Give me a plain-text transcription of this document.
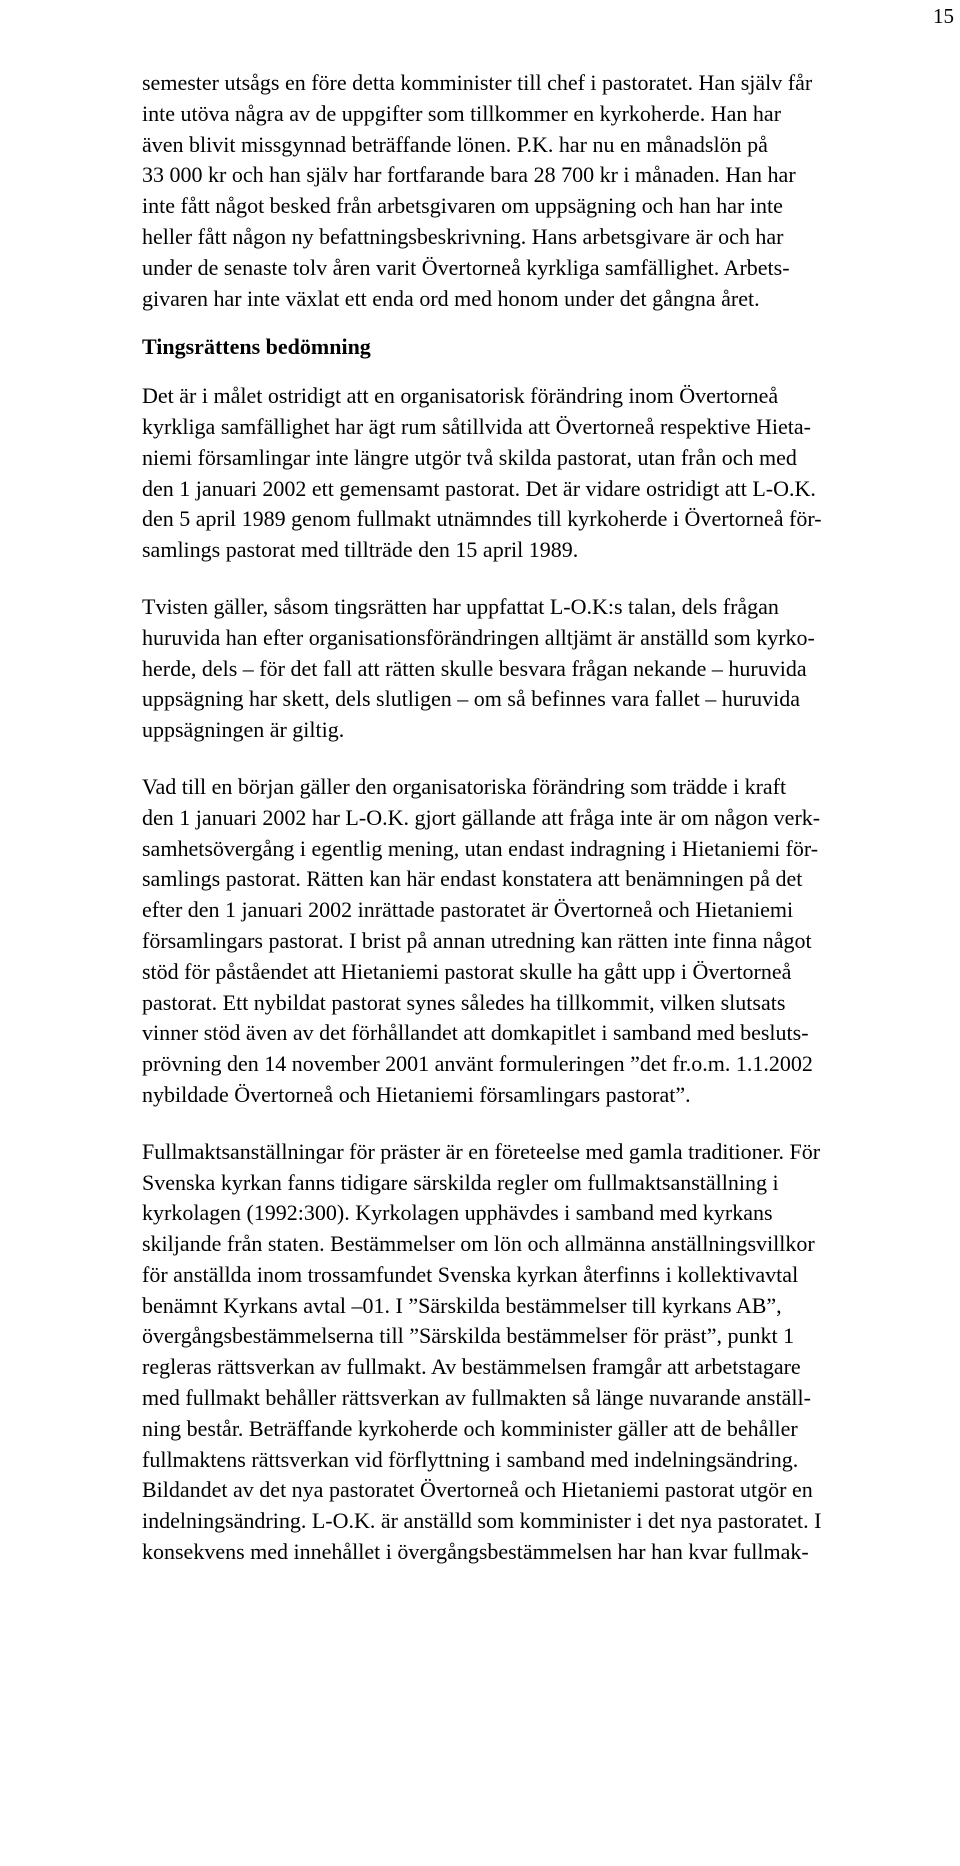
15

semester utsågs en före detta komminister till chef i pastoratet. Han själv får
inte utöva några av de uppgifter som tillkommer en kyrkoherde. Han har
även blivit missgynnad beträffande lönen. P.K. har nu en månadslön på
33 000 kr och han själv har fortfarande bara 28 700 kr i månaden. Han har
inte fått något besked från arbetsgivaren om uppsägning och han har inte
heller fått någon ny befattningsbeskrivning. Hans arbetsgivare är och har
under de senaste tolv åren varit Övertorneå kyrkliga samfällighet. Arbets-
givaren har inte växlat ett enda ord med honom under det gångna året.

Tingsrättens bedömning

Det är i målet ostridigt att en organisatorisk förändring inom Övertorneå
kyrkliga samfällighet har ägt rum såtillvida att Övertorneå respektive Hieta-
niemi församlingar inte längre utgör två skilda pastorat, utan från och med
den 1 januari 2002 ett gemensamt pastorat. Det är vidare ostridigt att L-O.K.
den 5 april 1989 genom fullmakt utnämndes till kyrkoherde i Övertorneå för-
samlings pastorat med tillträde den 15 april 1989.

Tvisten gäller, såsom tingsrätten har uppfattat L-O.K:s talan, dels frågan
huruvida han efter organisationsförändringen alltjämt är anställd som kyrko-
herde, dels – för det fall att rätten skulle besvara frågan nekande – huruvida
uppsägning har skett, dels slutligen – om så befinnes vara fallet – huruvida
uppsägningen är giltig.

Vad till en början gäller den organisatoriska förändring som trädde i kraft
den 1 januari 2002 har L-O.K. gjort gällande att fråga inte är om någon verk-
samhetsövergång i egentlig mening, utan endast indragning i Hietaniemi för-
samlings pastorat. Rätten kan här endast konstatera att benämningen på det
efter den 1 januari 2002 inrättade pastoratet är Övertorneå och Hietaniemi
församlingars pastorat. I brist på annan utredning kan rätten inte finna något
stöd för påståendet att Hietaniemi pastorat skulle ha gått upp i Övertorneå
pastorat. Ett nybildat pastorat synes således ha tillkommit, vilken slutsats
vinner stöd även av det förhållandet att domkapitlet i samband med besluts-
prövning den 14 november 2001 använt formuleringen ”det fr.o.m. 1.1.2002
nybildade Övertorneå och Hietaniemi församlingars pastorat”.

Fullmaktsanställningar för präster är en företeelse med gamla traditioner. För
Svenska kyrkan fanns tidigare särskilda regler om fullmaktsanställning i
kyrkolagen (1992:300). Kyrkolagen upphävdes i samband med kyrkans
skiljande från staten. Bestämmelser om lön och allmänna anställningsvillkor
för anställda inom trossamfundet Svenska kyrkan återfinns i kollektivavtal
benämnt Kyrkans avtal –01. I ”Särskilda bestämmelser till kyrkans AB”,
övergångsbestämmelserna till ”Särskilda bestämmelser för präst”, punkt 1
regleras rättsverkan av fullmakt. Av bestämmelsen framgår att arbetstagare
med fullmakt behåller rättsverkan av fullmakten så länge nuvarande anställ-
ning består. Beträffande kyrkoherde och komminister gäller att de behåller
fullmaktens rättsverkan vid förflyttning i samband med indelningsändring.
Bildandet av det nya pastoratet Övertorneå och Hietaniemi pastorat utgör en
indelningsändring. L-O.K. är anställd som komminister i det nya pastoratet. I
konsekvens med innehållet i övergångsbestämmelsen har han kvar fullmak-
